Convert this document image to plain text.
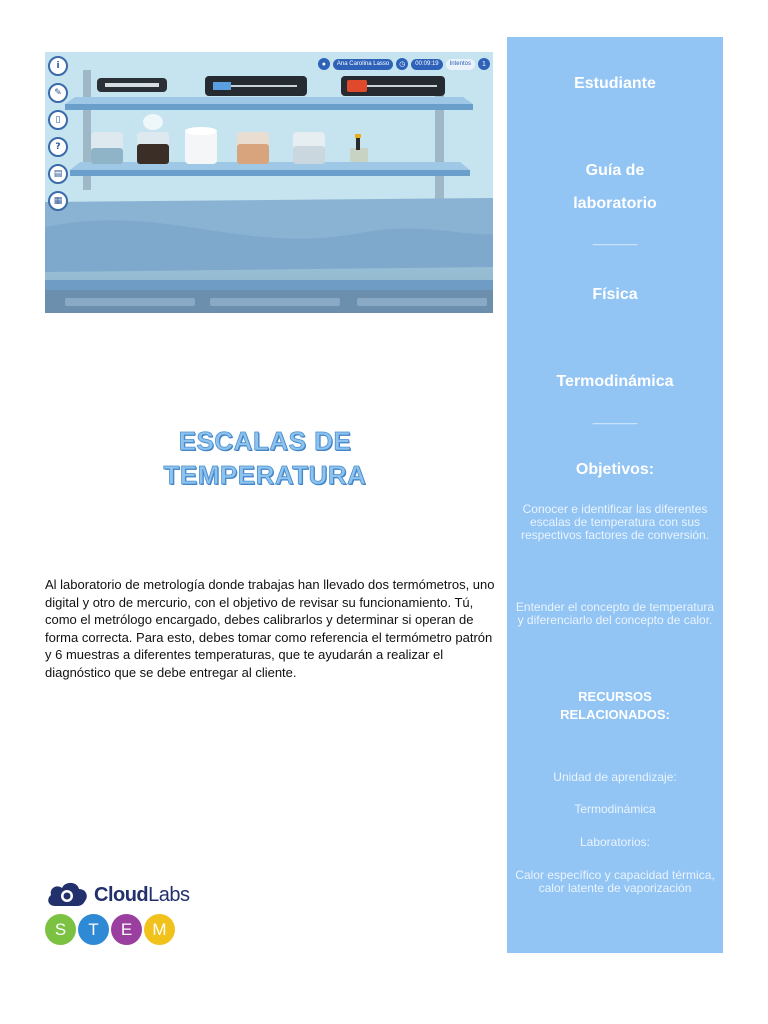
i
✎
▯
?
▤
▦
●	Ana Carolina Lasso	◷	00:09:19	Intentos	1
ESCALAS DE
TEMPERATURA

Al laboratorio de metrología donde trabajas han llevado dos termómetros, uno digital y otro de mercurio, con el objetivo de revisar su funcionamiento. Tú, como el metrólogo encargado, debes calibrarlos y determinar si operan de forma correcta. Para esto, debes tomar como referencia el termómetro patrón y 6 muestras a diferentes temperaturas, que te ayudarán a realizar el diagnóstico que se debe entregar al cliente.

CloudLabs
S	T	E	M

Estudiante

Guía de

laboratorio

_____

Física

Termodinámica

_____

Objetivos:

Conocer e identificar las diferentes escalas de temperatura con sus respectivos factores de conversión.

Entender el concepto de temperatura y diferenciarlo del concepto de calor.

RECURSOS

RELACIONADOS:

Unidad de aprendizaje:

Termodinámica

Laboratorios:

Calor específico y capacidad térmica, calor latente de vaporización
